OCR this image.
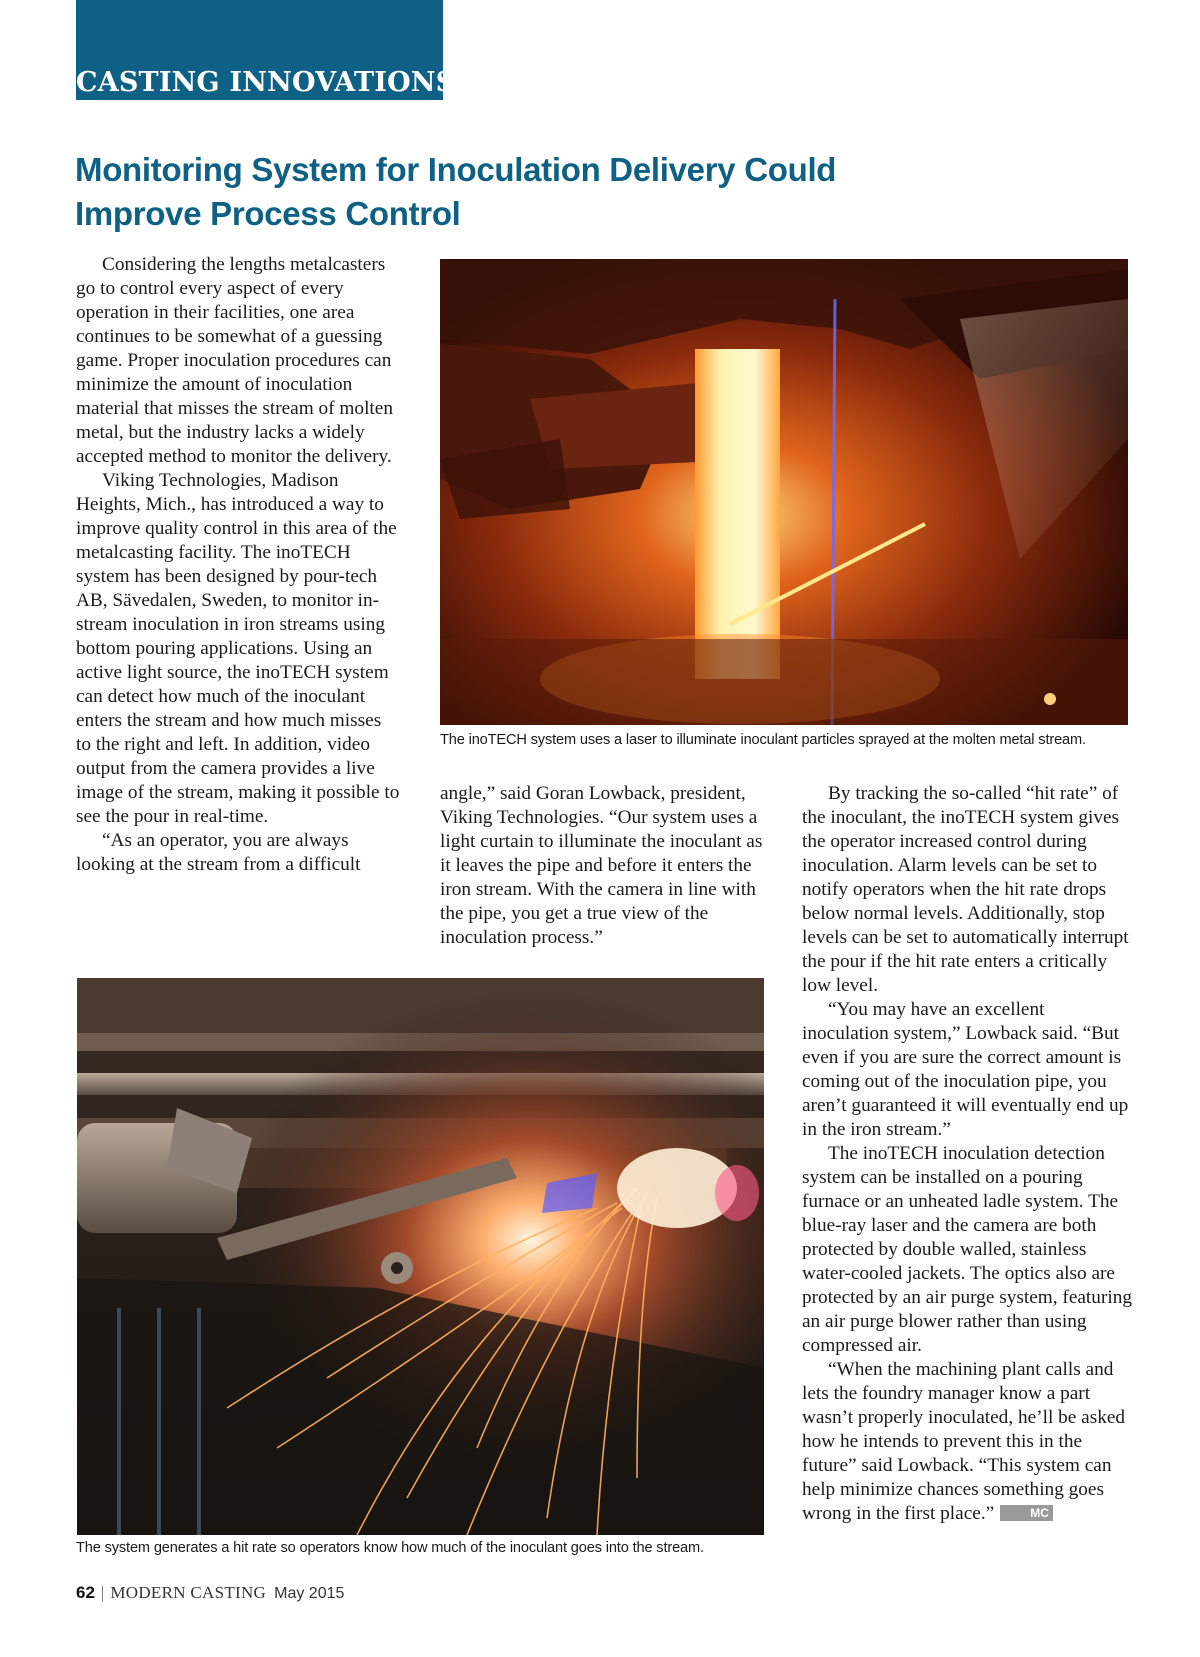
CASTING INNOVATIONS
Monitoring System for Inoculation Delivery Could Improve Process Control

Considering the lengths metalcasters go to control every aspect of every operation in their facilities, one area continues to be somewhat of a guessing game. Proper inoculation procedures can minimize the amount of inoculation material that misses the stream of molten metal, but the industry lacks a widely accepted method to monitor the delivery.

Viking Technologies, Madison Heights, Mich., has introduced a way to improve quality control in this area of the metalcasting facility. The inoTECH system has been designed by pour-tech AB, Sävedalen, Sweden, to monitor in-stream inoculation in iron streams using bottom pouring applications. Using an active light source, the inoTECH system can detect how much of the inoculant enters the stream and how much misses to the right and left. In addition, video output from the camera provides a live image of the stream, making it possible to see the pour in real-time.

“As an operator, you are always looking at the stream from a difficult

The inoTECH system uses a laser to illuminate inoculant particles sprayed at the molten metal stream.

angle,” said Goran Lowback, president, Viking Technologies. “Our system uses a light curtain to illuminate the inoculant as it leaves the pipe and before it enters the iron stream. With the camera in line with the pipe, you get a true view of the inoculation process.”

By tracking the so-called “hit rate” of the inoculant, the inoTECH system gives the operator increased control during inoculation. Alarm levels can be set to notify operators when the hit rate drops below normal levels. Additionally, stop levels can be set to automatically interrupt the pour if the hit rate enters a critically low level.

“You may have an excellent inoculation system,” Lowback said. “But even if you are sure the correct amount is coming out of the inoculation pipe, you aren’t guaranteed it will eventually end up in the iron stream.”

The inoTECH inoculation detection system can be installed on a pouring furnace or an unheated ladle system. The blue-ray laser and the camera are both protected by double walled, stainless water-cooled jackets. The optics also are protected by an air purge system, featuring an air purge blower rather than using compressed air.

“When the machining plant calls and lets the foundry manager know a part wasn’t properly inoculated, he’ll be asked how he intends to prevent this in the future” said Lowback. “This system can help minimize chances something goes wrong in the first place.”	MC

The system generates a hit rate so operators know how much of the inoculant goes into the stream.
62 | MODERN CASTING May 2015
